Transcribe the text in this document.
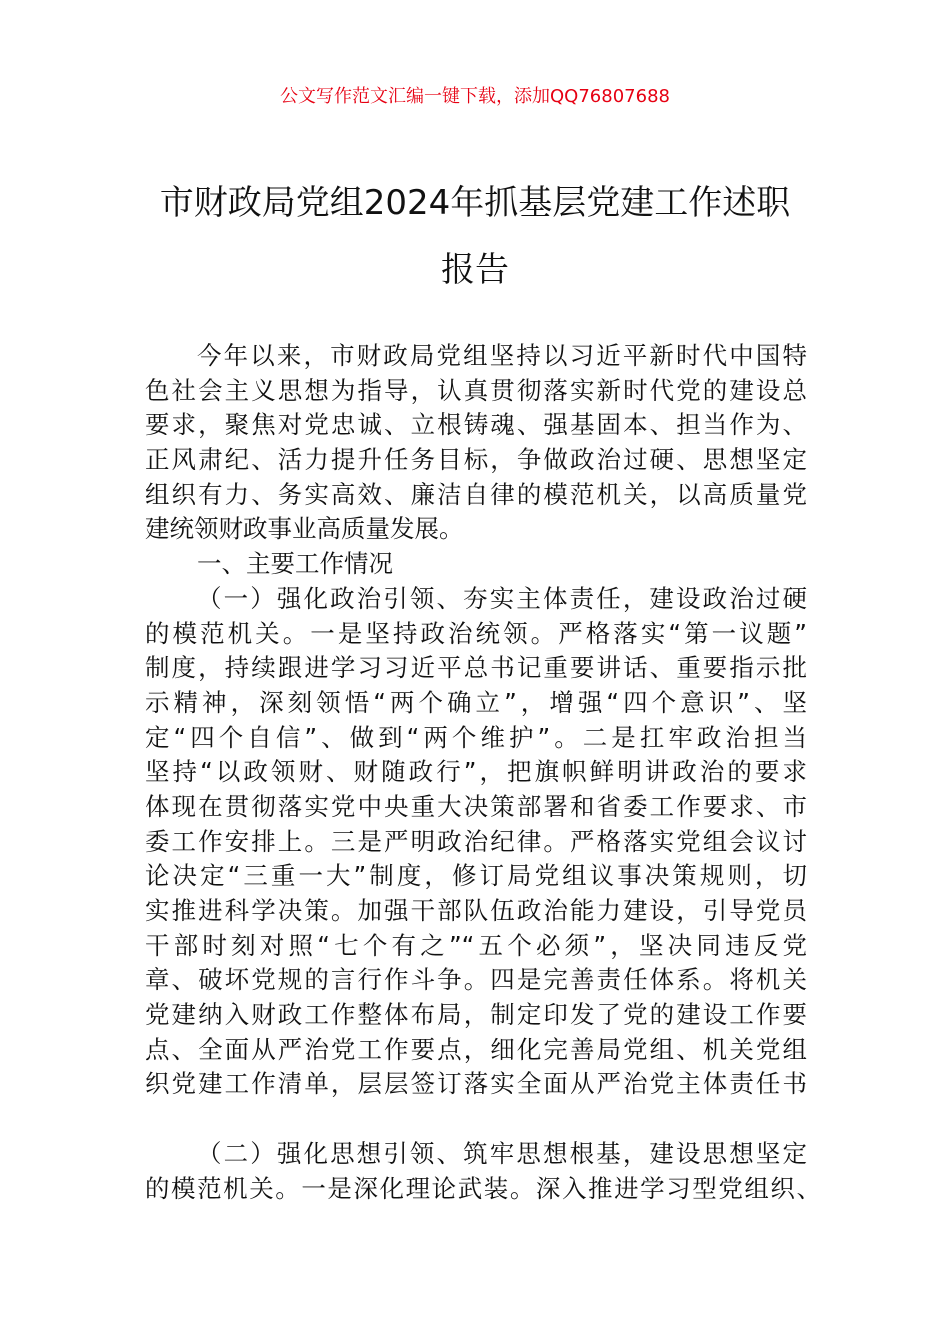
公文写作范文汇编一键下载，添加QQ76807688
市财政局党组2024年抓基层党建工作述职
报告
今年以来，市财政局党组坚持以习近平新时代中国特
色社会主义思想为指导，认真贯彻落实新时代党的建设总
要求，聚焦对党忠诚、立根铸魂、强基固本、担当作为、
正风肃纪、活力提升任务目标，争做政治过硬、思想坚定
组织有力、务实高效、廉洁自律的模范机关，以高质量党
建统领财政事业高质量发展。
一、主要工作情况
（一）强化政治引领、夯实主体责任，建设政治过硬
的模范机关。一是坚持政治统领。严格落实“第一议题”
制度，持续跟进学习习近平总书记重要讲话、重要指示批
示精神，深刻领悟“两个确立”，增强“四个意识”、坚
定“四个自信”、做到“两个维护”。二是扛牢政治担当
坚持“以政领财、财随政行”，把旗帜鲜明讲政治的要求
体现在贯彻落实党中央重大决策部署和省委工作要求、市
委工作安排上。三是严明政治纪律。严格落实党组会议讨
论决定“三重一大”制度，修订局党组议事决策规则，切
实推进科学决策。加强干部队伍政治能力建设，引导党员
干部时刻对照“七个有之”“五个必须”，坚决同违反党
章、破坏党规的言行作斗争。四是完善责任体系。将机关
党建纳入财政工作整体布局，制定印发了党的建设工作要
点、全面从严治党工作要点，细化完善局党组、机关党组
织党建工作清单，层层签订落实全面从严治党主体责任书
（二）强化思想引领、筑牢思想根基，建设思想坚定
的模范机关。一是深化理论武装。深入推进学习型党组织、
